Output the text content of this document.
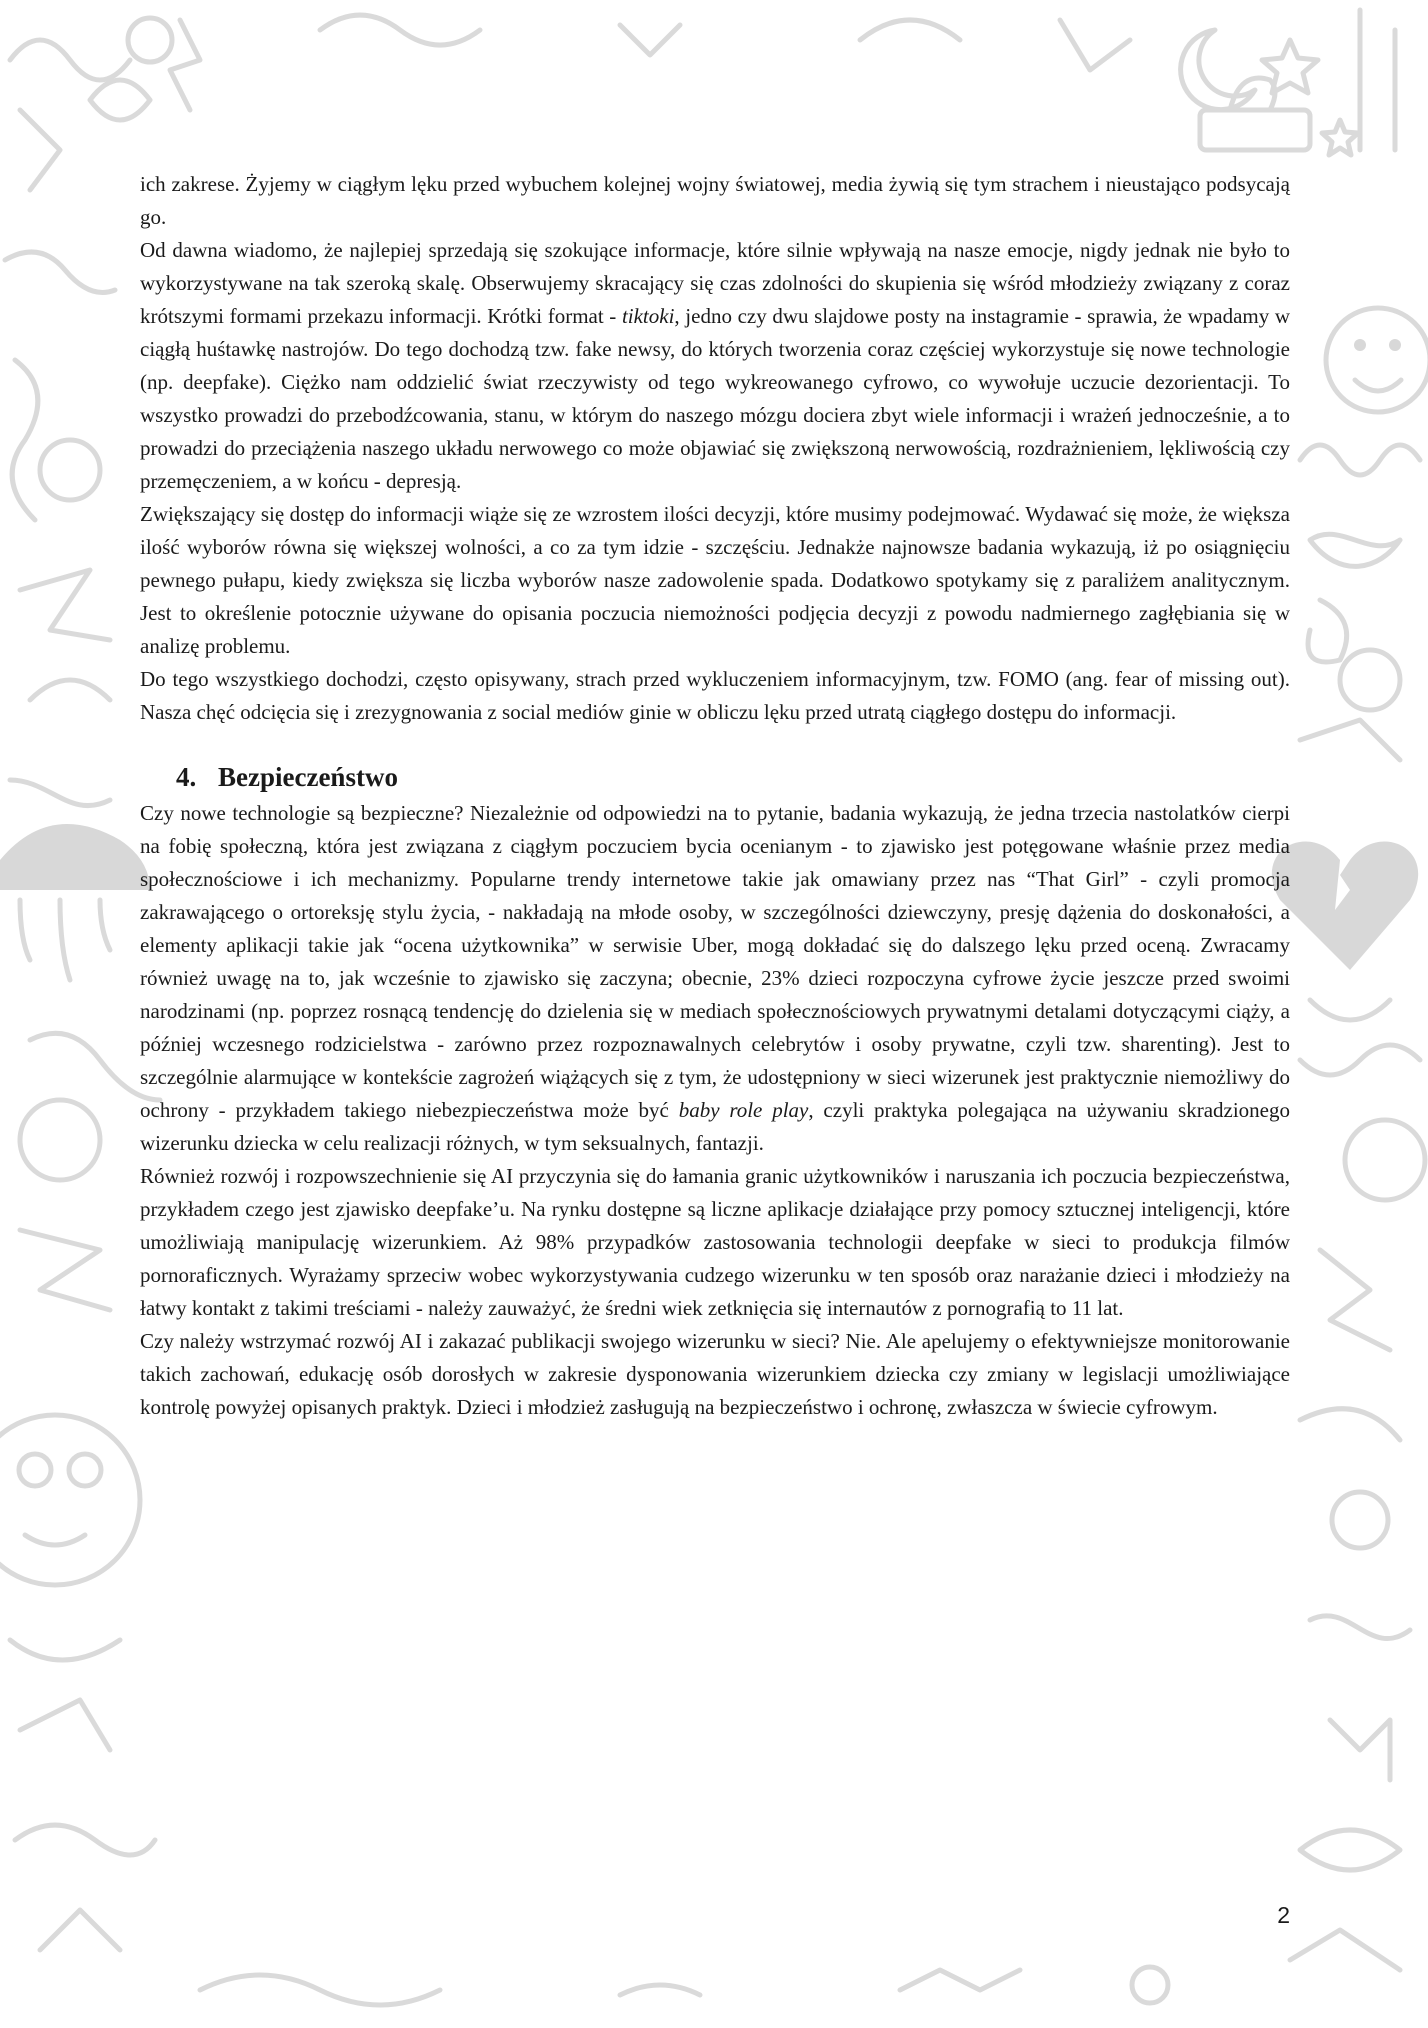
ich zakrese. Żyjemy w ciągłym lęku przed wybuchem kolejnej wojny światowej, media żywią się tym strachem i nieustająco podsycają go.

Od dawna wiadomo, że najlepiej sprzedają się szokujące informacje, które silnie wpływają na nasze emocje, nigdy jednak nie było to wykorzystywane na tak szeroką skalę. Obserwujemy skracający się czas zdolności do skupienia się wśród młodzieży związany z coraz krótszymi formami przekazu informacji. Krótki format - tiktoki, jedno czy dwu slajdowe posty na instagramie - sprawia, że wpadamy w ciągłą huśtawkę nastrojów. Do tego dochodzą tzw. fake newsy, do których tworzenia coraz częściej wykorzystuje się nowe technologie (np. deepfake). Ciężko nam oddzielić świat rzeczywisty od tego wykreowanego cyfrowo, co wywołuje uczucie dezorientacji. To wszystko prowadzi do przebodźcowania, stanu, w którym do naszego mózgu dociera zbyt wiele informacji i wrażeń jednocześnie, a to prowadzi do przeciążenia naszego układu nerwowego co może objawiać się zwiększoną nerwowością, rozdrażnieniem, lękliwością czy przemęczeniem, a w końcu - depresją.

Zwiększający się dostęp do informacji wiąże się ze wzrostem ilości decyzji, które musimy podejmować. Wydawać się może, że większa ilość wyborów równa się większej wolności, a co za tym idzie - szczęściu. Jednakże najnowsze badania wykazują, iż po osiągnięciu pewnego pułapu, kiedy zwiększa się liczba wyborów nasze zadowolenie spada. Dodatkowo spotykamy się z paraliżem analitycznym. Jest to określenie potocznie używane do opisania poczucia niemożności podjęcia decyzji z powodu nadmiernego zagłębiania się w analizę problemu.

Do tego wszystkiego dochodzi, często opisywany, strach przed wykluczeniem informacyjnym, tzw. FOMO (ang. fear of missing out). Nasza chęć odcięcia się i zrezygnowania z social mediów ginie w obliczu lęku przed utratą ciągłego dostępu do informacji.

4. Bezpieczeństwo

Czy nowe technologie są bezpieczne? Niezależnie od odpowiedzi na to pytanie, badania wykazują, że jedna trzecia nastolatków cierpi na fobię społeczną, która jest związana z ciągłym poczuciem bycia ocenianym - to zjawisko jest potęgowane właśnie przez media społecznościowe i ich mechanizmy. Popularne trendy internetowe takie jak omawiany przez nas “That Girl” - czyli promocja zakrawającego o ortoreksję stylu życia, - nakładają na młode osoby, w szczególności dziewczyny, presję dążenia do doskonałości, a elementy aplikacji takie jak “ocena użytkownika” w serwisie Uber, mogą dokładać się do dalszego lęku przed oceną. Zwracamy również uwagę na to, jak wcześnie to zjawisko się zaczyna; obecnie, 23% dzieci rozpoczyna cyfrowe życie jeszcze przed swoimi narodzinami (np. poprzez rosnącą tendencję do dzielenia się w mediach społecznościowych prywatnymi detalami dotyczącymi ciąży, a później wczesnego rodzicielstwa - zarówno przez rozpoznawalnych celebrytów i osoby prywatne, czyli tzw. sharenting). Jest to szczególnie alarmujące w kontekście zagrożeń wiążących się z tym, że udostępniony w sieci wizerunek jest praktycznie niemożliwy do ochrony - przykładem takiego niebezpieczeństwa może być baby role play, czyli praktyka polegająca na używaniu skradzionego wizerunku dziecka w celu realizacji różnych, w tym seksualnych, fantazji.

Również rozwój i rozpowszechnienie się AI przyczynia się do łamania granic użytkowników i naruszania ich poczucia bezpieczeństwa, przykładem czego jest zjawisko deepfake’u. Na rynku dostępne są liczne aplikacje działające przy pomocy sztucznej inteligencji, które umożliwiają manipulację wizerunkiem. Aż 98% przypadków zastosowania technologii deepfake w sieci to produkcja filmów pornoraficznych. Wyrażamy sprzeciw wobec wykorzystywania cudzego wizerunku w ten sposób oraz narażanie dzieci i młodzieży na łatwy kontakt z takimi treściami - należy zauważyć, że średni wiek zetknięcia się internautów z pornografią to 11 lat.

Czy należy wstrzymać rozwój AI i zakazać publikacji swojego wizerunku w sieci? Nie. Ale apelujemy o efektywniejsze monitorowanie takich zachowań, edukację osób dorosłych w zakresie dysponowania wizerunkiem dziecka czy zmiany w legislacji umożliwiające kontrolę powyżej opisanych praktyk. Dzieci i młodzież zasługują na bezpieczeństwo i ochronę, zwłaszcza w świecie cyfrowym.

2
